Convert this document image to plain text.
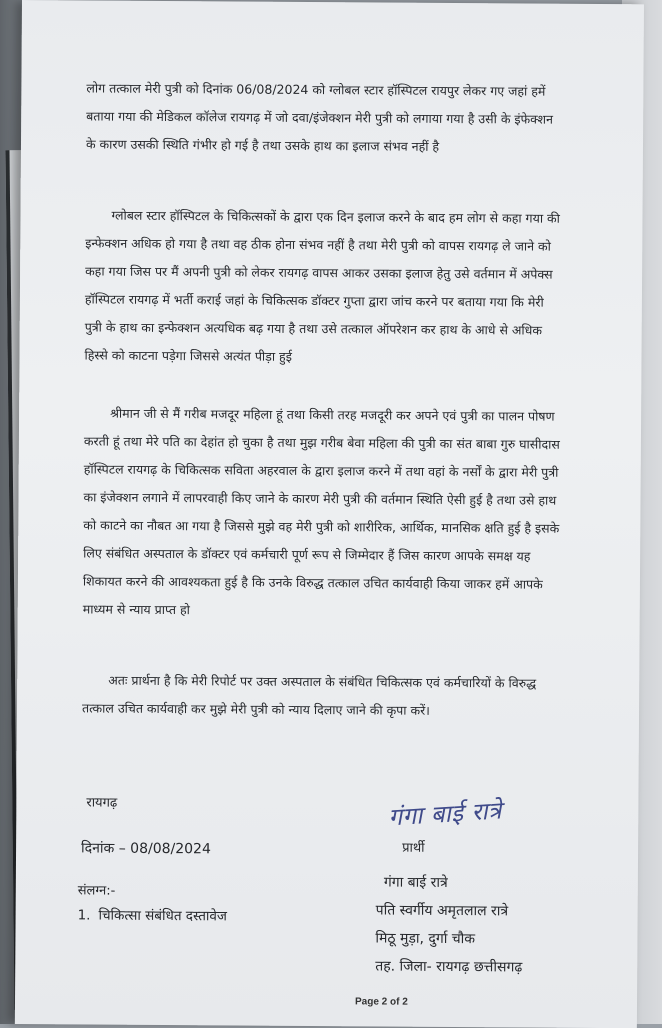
लोग तत्काल मेरी पुत्री को दिनांक 06/08/2024 को ग्लोबल स्टार हॉस्पिटल रायपुर लेकर गए जहां हमें बताया गया की मेडिकल कॉलेज रायगढ़ में जो दवा/इंजेक्शन मेरी पुत्री को लगाया गया है उसी के इंफेक्शन के कारण उसकी स्थिति गंभीर हो गई है तथा उसके हाथ का इलाज संभव नहीं है
ग्लोबल स्टार हॉस्पिटल के चिकित्सकों के द्वारा एक दिन इलाज करने के बाद हम लोग से कहा गया की इन्फेक्शन अधिक हो गया है तथा वह ठीक होना संभव नहीं है तथा मेरी पुत्री को वापस रायगढ़ ले जाने को कहा गया जिस पर मैं अपनी पुत्री को लेकर रायगढ़ वापस आकर उसका इलाज हेतु उसे वर्तमान में अपेक्स हॉस्पिटल रायगढ़ में भर्ती कराई जहां के चिकित्सक डॉक्टर गुप्ता द्वारा जांच करने पर बताया गया कि मेरी पुत्री के हाथ का इन्फेक्शन अत्यधिक बढ़ गया है तथा उसे तत्काल ऑपरेशन कर हाथ के आधे से अधिक हिस्से को काटना पड़ेगा जिससे अत्यंत पीड़ा हुई
श्रीमान जी से मैं गरीब मजदूर महिला हूं तथा किसी तरह मजदूरी कर अपने एवं पुत्री का पालन पोषण करती हूं तथा मेरे पति का देहांत हो चुका है तथा मुझ गरीब बेवा महिला की पुत्री का संत बाबा गुरु घासीदास हॉस्पिटल रायगढ़ के चिकित्सक सविता अहरवाल के द्वारा इलाज करने में तथा वहां के नर्सों के द्वारा मेरी पुत्री का इंजेक्शन लगाने में लापरवाही किए जाने के कारण मेरी पुत्री की वर्तमान स्थिति ऐसी हुई है तथा उसे हाथ को काटने का नौबत आ गया है जिससे मुझे वह मेरी पुत्री को शारीरिक, आर्थिक, मानसिक क्षति हुई है इसके लिए संबंधित अस्पताल के डॉक्टर एवं कर्मचारी पूर्ण रूप से जिम्मेदार हैं जिस कारण आपके समक्ष यह शिकायत करने की आवश्यकता हुई है कि उनके विरुद्ध तत्काल उचित कार्यवाही किया जाकर हमें आपके माध्यम से न्याय प्राप्त हो
अतः प्रार्थना है कि मेरी रिपोर्ट पर उक्त अस्पताल के संबंधित चिकित्सक एवं कर्मचारियों के विरुद्ध तत्काल उचित कार्यवाही कर मुझे मेरी पुत्री को न्याय दिलाए जाने की कृपा करें।
रायगढ़
दिनांक – 08/08/2024
संलग्न:-
1. चिकित्सा संबंधित दस्तावेज
गंगा बाई रात्रे
प्रार्थी
गंगा बाई रात्रे
पति स्वर्गीय अमृतलाल रात्रे
मिठू मुड़ा, दुर्गा चौक
तह. जिला- रायगढ़ छत्तीसगढ़
Page 2 of 2
